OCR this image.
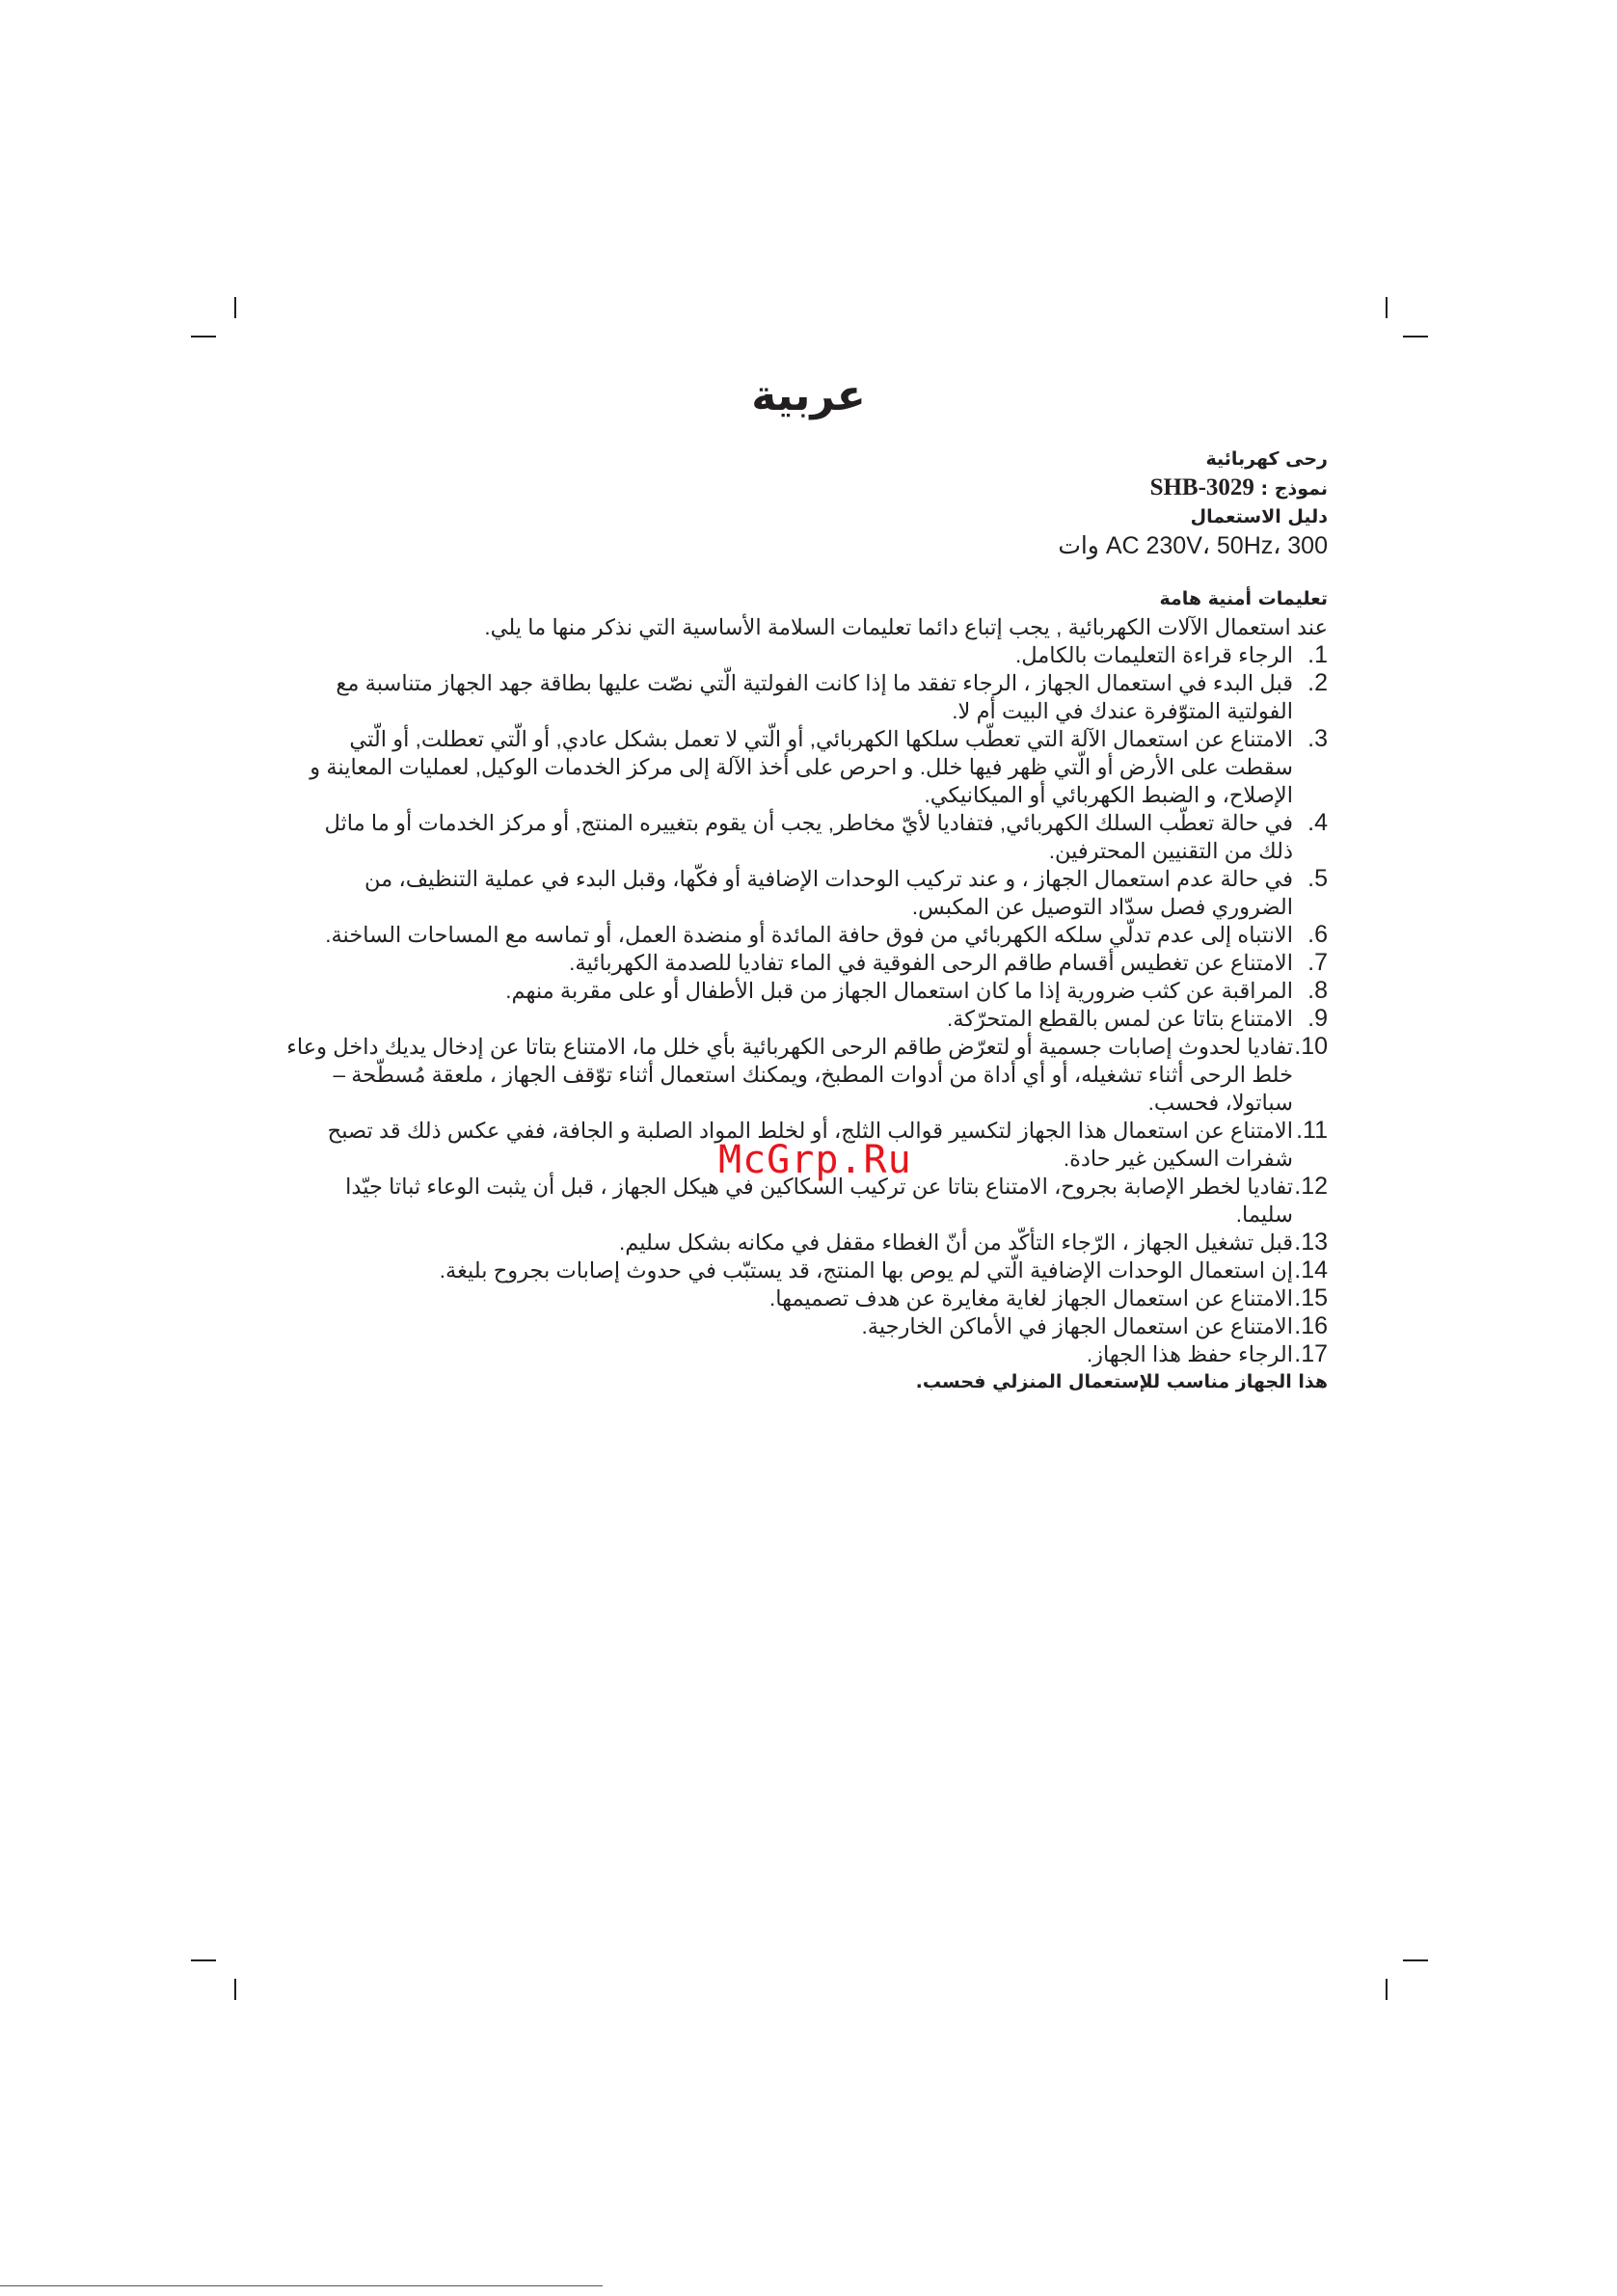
عربية
رحى كهربائية
نموذج : SHB-3029
دليل الاستعمال
AC 230V، 50Hz، 300 وات
تعليمات أمنية هامة
عند استعمال الآلات الكهربائية , يجب إتباع دائما تعليمات السلامة الأساسية التي نذكر منها ما يلي.
1.
الرجاء قراءة التعليمات بالكامل.
2.
قبل البدء في استعمال الجهاز ، الرجاء تفقد ما إذا كانت الفولتية الّتي نصّت عليها بطاقة جهد الجهاز متناسبة مع الفولتية المتوّفرة عندك في البيت أم لا.
3.
الامتناع عن استعمال الآلة التي تعطّب سلكها الكهربائي, أو الّتي لا تعمل بشكل عادي, أو الّتي تعطلت, أو الّتي سقطت على الأرض أو الّتي ظهر فيها خلل. و احرص على أخذ الآلة إلى مركز الخدمات الوكيل, لعمليات المعاينة و الإصلاح، و الضبط الكهربائي أو الميكانيكي.
4.
في حالة تعطّب السلك الكهربائي, فتفاديا لأيّ مخاطر, يجب أن يقوم بتغييره المنتج, أو مركز الخدمات أو ما ماثل ذلك من التقنيين المحترفين.
5.
في حالة عدم استعمال الجهاز ، و عند تركيب الوحدات الإضافية أو فكّها، وقبل البدء في عملية التنظيف، من الضروري فصل سدّاد التوصيل عن المكبس.
6.
الانتباه إلى عدم تدلّي سلكه الكهربائي من فوق حافة المائدة أو منضدة العمل، أو تماسه مع المساحات الساخنة.
7.
الامتناع عن تغطيس أقسام طاقم الرحى الفوقية في الماء تفاديا للصدمة الكهربائية.
8.
المراقبة عن كثب ضرورية إذا ما كان استعمال الجهاز من قبل الأطفال أو على مقربة منهم.
9.
الامتناع بتاتا عن لمس بالقطع المتحرّكة.
10.
تفاديا لحدوث إصابات جسمية أو لتعرّض طاقم الرحى الكهربائية بأي خلل ما، الامتناع بتاتا عن إدخال يديك داخل وعاء خلط الرحى أثناء تشغيله، أو أي أداة من أدوات المطبخ، ويمكنك استعمال أثناء توّقف الجهاز ، ملعقة مُسطّحة – سباتولا، فحسب.
11.
الامتناع عن استعمال هذا الجهاز لتكسير قوالب الثلج، أو لخلط المواد الصلبة و الجافة، ففي عكس ذلك قد تصبح شفرات السكين غير حادة.
12.
تفاديا لخطر الإصابة بجروح، الامتناع بتاتا عن تركيب السكاكين في هيكل الجهاز ، قبل أن يثبت الوعاء ثباتا جيّدا سليما.
13.
قبل تشغيل الجهاز ، الرّجاء التأكّد من أنّ الغطاء مقفل في مكانه بشكل سليم.
14.
إن استعمال الوحدات الإضافية الّتي لم يوص بها المنتج، قد يستبّب في حدوث إصابات بجروح بليغة.
15.
الامتناع عن استعمال الجهاز لغاية مغايرة عن هدف تصميمها.
16.
الامتناع عن استعمال الجهاز في الأماكن الخارجية.
17.
الرجاء حفظ هذا الجهاز.
هذا الجهاز مناسب للإستعمال المنزلي فحسب.
McGrp.Ru
